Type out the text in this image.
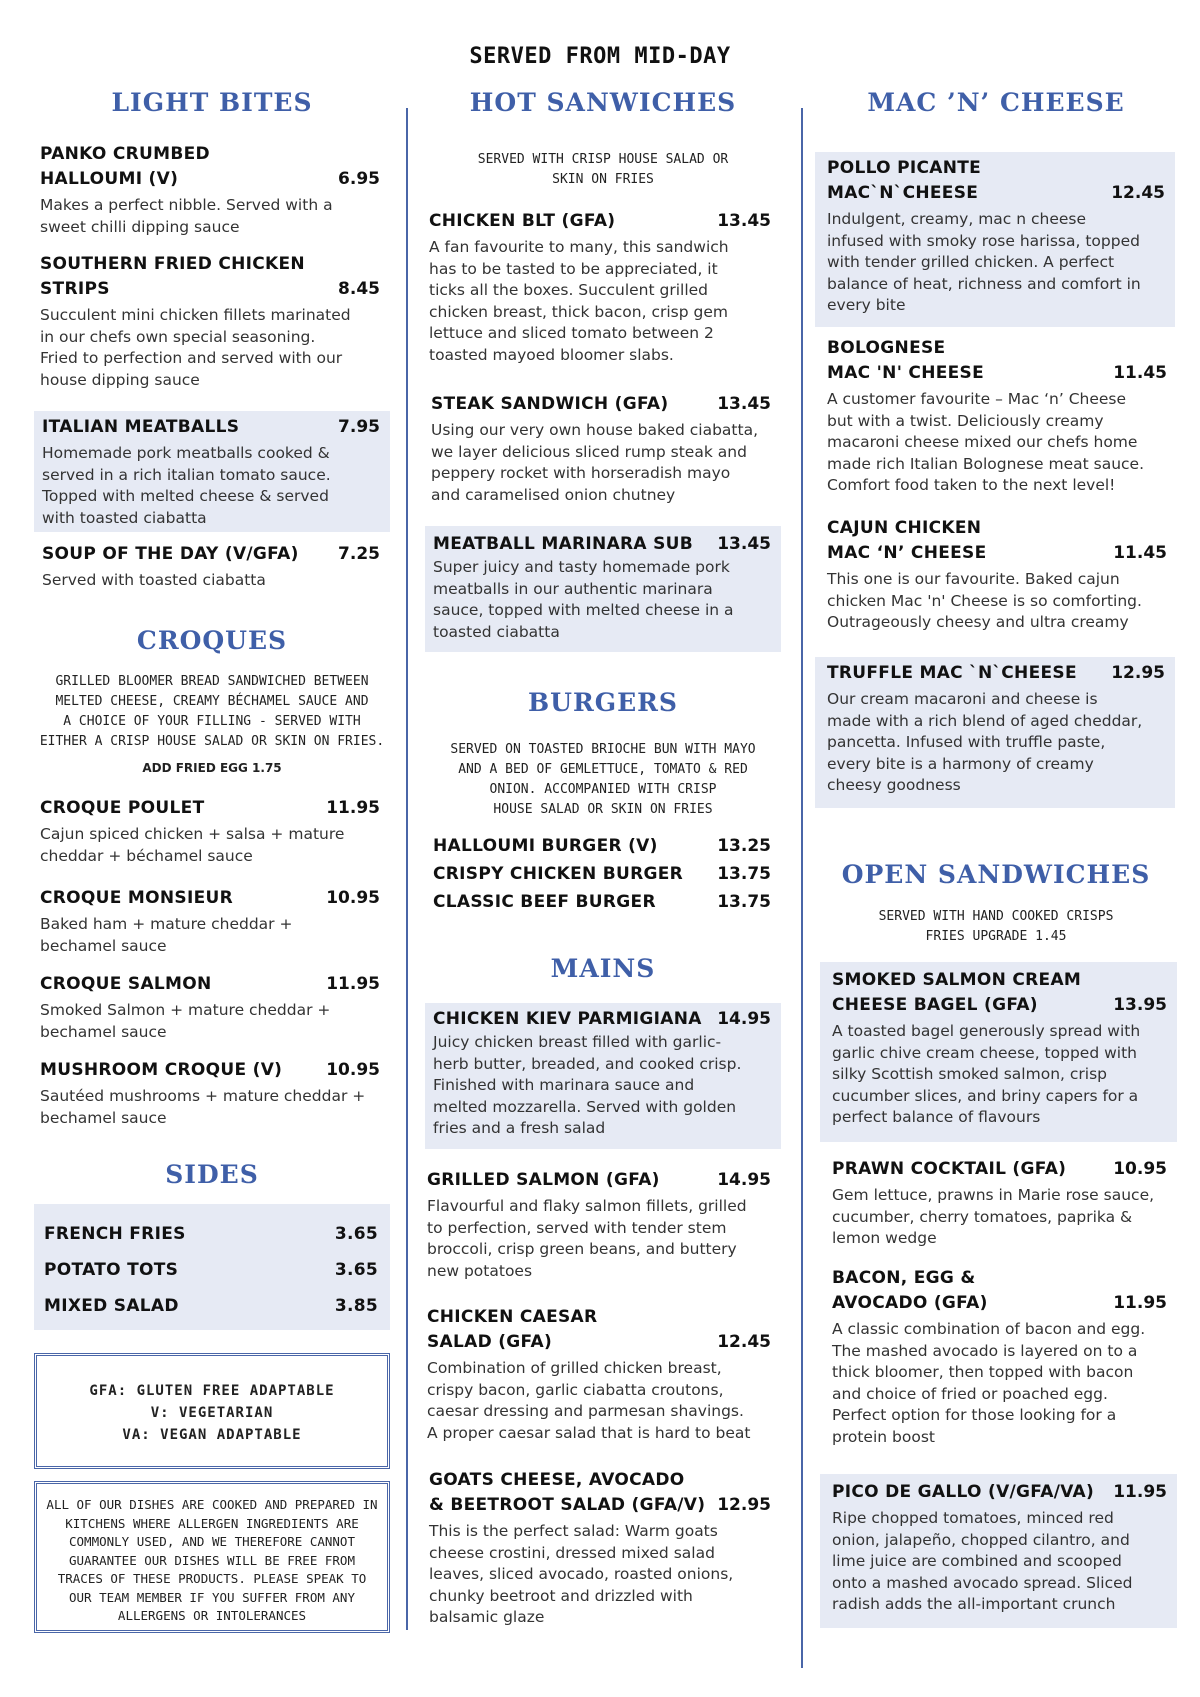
SERVED FROM MID-DAY
LIGHT BITES
PANKO CRUMBED
HALLOUMI (V)	6.95
Makes a perfect nibble. Served with a
sweet chilli dipping sauce
SOUTHERN FRIED CHICKEN
STRIPS	8.45
Succulent mini chicken fillets marinated
in our chefs own special seasoning.
Fried to perfection and served with our
house dipping sauce
ITALIAN MEATBALLS	7.95
Homemade pork meatballs cooked &
served in a rich italian tomato sauce.
Topped with melted cheese & served
with toasted ciabatta
SOUP OF THE DAY (V/GFA)	7.25
Served with toasted ciabatta
CROQUES
GRILLED BLOOMER BREAD SANDWICHED BETWEEN
MELTED CHEESE, CREAMY BÉCHAMEL SAUCE AND
A CHOICE OF YOUR FILLING - SERVED WITH
EITHER A CRISP HOUSE SALAD OR SKIN ON FRIES.
ADD FRIED EGG 1.75
CROQUE POULET	11.95
Cajun spiced chicken + salsa + mature
cheddar + béchamel sauce
CROQUE MONSIEUR	10.95
Baked ham + mature cheddar +
bechamel sauce
CROQUE SALMON	11.95
Smoked Salmon + mature cheddar +
bechamel sauce
MUSHROOM CROQUE (V)	10.95
Sautéed mushrooms + mature cheddar +
bechamel sauce
SIDES
FRENCH FRIES	3.65
POTATO TOTS	3.65
MIXED SALAD	3.85
GFA: GLUTEN FREE ADAPTABLE
V: VEGETARIAN
VA: VEGAN ADAPTABLE
ALL OF OUR DISHES ARE COOKED AND PREPARED IN
KITCHENS WHERE ALLERGEN INGREDIENTS ARE
COMMONLY USED, AND WE THEREFORE CANNOT
GUARANTEE OUR DISHES WILL BE FREE FROM
TRACES OF THESE PRODUCTS. PLEASE SPEAK TO
OUR TEAM MEMBER IF YOU SUFFER FROM ANY
ALLERGENS OR INTOLERANCES
HOT SANWICHES
SERVED WITH CRISP HOUSE SALAD OR
SKIN ON FRIES
CHICKEN BLT (GFA)	13.45
A fan favourite to many, this sandwich
has to be tasted to be appreciated, it
ticks all the boxes. Succulent grilled
chicken breast, thick bacon, crisp gem
lettuce and sliced tomato between 2
toasted mayoed bloomer slabs.
STEAK SANDWICH (GFA)	13.45
Using our very own house baked ciabatta,
we layer delicious sliced rump steak and
peppery rocket with horseradish mayo
and caramelised onion chutney
MEATBALL MARINARA SUB	13.45
Super juicy and tasty homemade pork
meatballs in our authentic marinara
sauce, topped with melted cheese in a
toasted ciabatta
BURGERS
SERVED ON TOASTED BRIOCHE BUN WITH MAYO
AND A BED OF GEMLETTUCE, TOMATO & RED
ONION. ACCOMPANIED WITH CRISP
HOUSE SALAD OR SKIN ON FRIES
HALLOUMI BURGER (V)	13.25
CRISPY CHICKEN BURGER	13.75
CLASSIC BEEF BURGER	13.75
MAINS
CHICKEN KIEV PARMIGIANA 14.95
Juicy chicken breast filled with garlic-
herb butter, breaded, and cooked crisp.
Finished with marinara sauce and
melted mozzarella. Served with golden
fries and a fresh salad
GRILLED SALMON (GFA)	14.95
Flavourful and flaky salmon fillets, grilled
to perfection, served with tender stem
broccoli, crisp green beans, and buttery
new potatoes
CHICKEN CAESAR
SALAD (GFA)	12.45
Combination of grilled chicken breast,
crispy bacon, garlic ciabatta croutons,
caesar dressing and parmesan shavings.
A proper caesar salad that is hard to beat
GOATS CHEESE, AVOCADO
& BEETROOT SALAD (GFA/V) 12.95
This is the perfect salad: Warm goats
cheese crostini, dressed mixed salad
leaves, sliced avocado, roasted onions,
chunky beetroot and drizzled with
balsamic glaze
MAC ’N’ CHEESE
POLLO PICANTE
MAC`N`CHEESE	12.45
Indulgent, creamy, mac n cheese
infused with smoky rose harissa, topped
with tender grilled chicken. A perfect
balance of heat, richness and comfort in
every bite
BOLOGNESE
MAC 'N' CHEESE	11.45
A customer favourite – Mac ‘n’ Cheese
but with a twist. Deliciously creamy
macaroni cheese mixed our chefs home
made rich Italian Bolognese meat sauce.
Comfort food taken to the next level!
CAJUN CHICKEN
MAC ‘N’ CHEESE	11.45
This one is our favourite. Baked cajun
chicken Mac 'n' Cheese is so comforting.
Outrageously cheesy and ultra creamy
TRUFFLE MAC `N`CHEESE	12.95
Our cream macaroni and cheese is
made with a rich blend of aged cheddar,
pancetta. Infused with truffle paste,
every bite is a harmony of creamy
cheesy goodness
OPEN SANDWICHES
SERVED WITH HAND COOKED CRISPS
FRIES UPGRADE 1.45
SMOKED SALMON CREAM
CHEESE BAGEL (GFA)	13.95
A toasted bagel generously spread with
garlic chive cream cheese, topped with
silky Scottish smoked salmon, crisp
cucumber slices, and briny capers for a
perfect balance of flavours
PRAWN COCKTAIL (GFA)	10.95
Gem lettuce, prawns in Marie rose sauce,
cucumber, cherry tomatoes, paprika &
lemon wedge
BACON, EGG &
AVOCADO (GFA)	11.95
A classic combination of bacon and egg.
The mashed avocado is layered on to a
thick bloomer, then topped with bacon
and choice of fried or poached egg.
Perfect option for those looking for a
protein boost
PICO DE GALLO (V/GFA/VA)	11.95
Ripe chopped tomatoes, minced red
onion, jalapeño, chopped cilantro, and
lime juice are combined and scooped
onto a mashed avocado spread. Sliced
radish adds the all-important crunch
